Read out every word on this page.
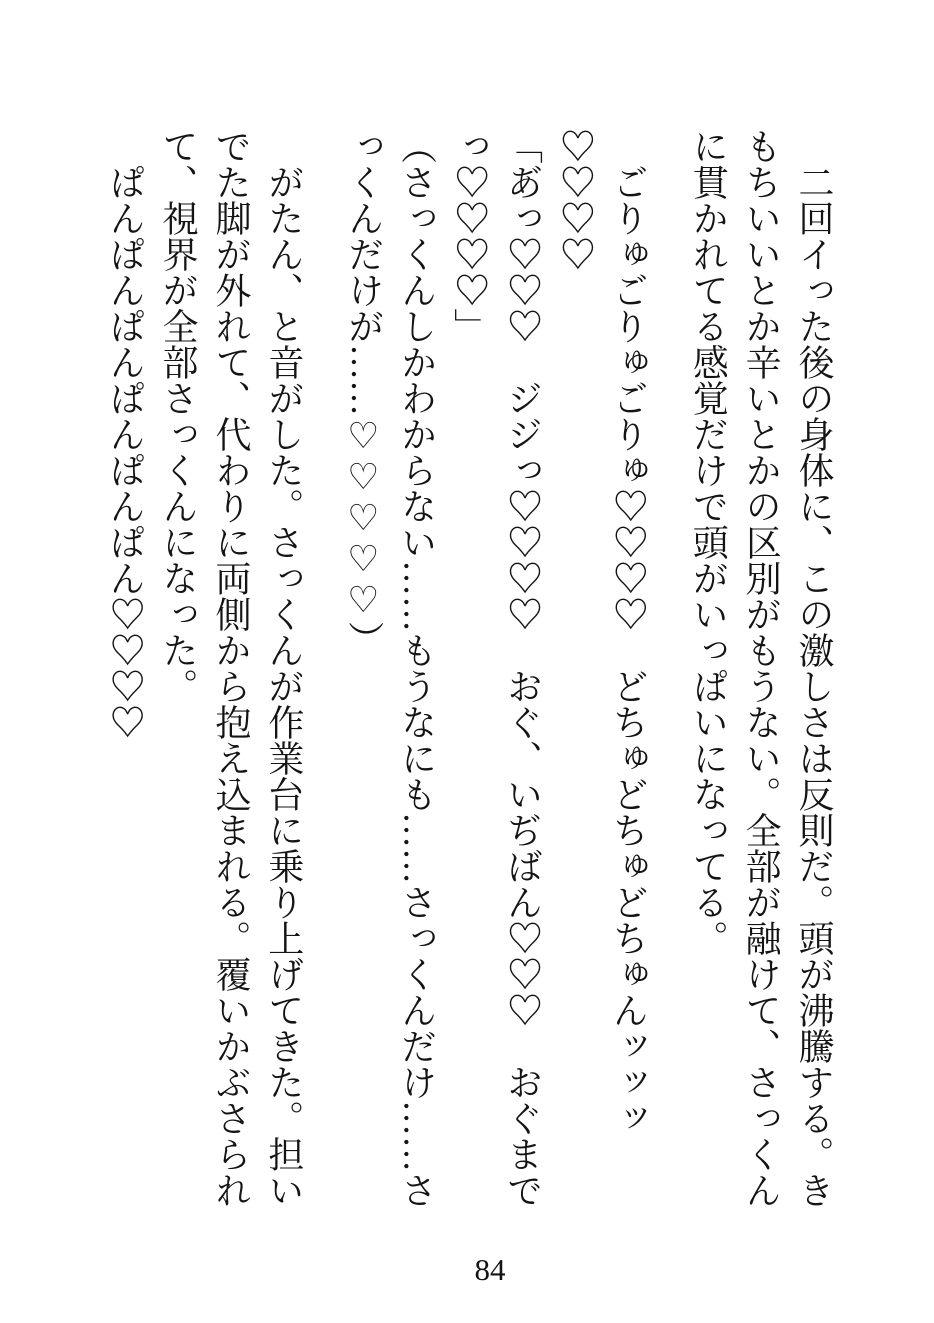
二回イった後の身体に、この激しさは反則だ。頭が沸騰する。きもちいいとか辛いとかの区別がもうない。全部が融けて、さっくんに貫かれてる感覚だけで頭がいっぱいになってる。

ごりゅごりゅごりゅ♡♡♡♡　どちゅどちゅどちゅんッッッ♡♡♡♡

「あ゙っ♡♡♡　ジジっ♡♡♡♡　おぐ、いぢばん♡♡♡　おぐまでっ♡♡♡♡」

（さっくんしかわからない……もうなにも……さっくんだけ……さっくんだけが……♡♡♡♡♡）

がたん、と音がした。さっくんが作業台に乗り上げてきた。担いでた脚が外れて、代わりに両側から抱え込まれる。覆いかぶさられて、視界が全部さっくんになった。

ぱんぱんぱんぱんぱんぱん♡♡♡♡

84
